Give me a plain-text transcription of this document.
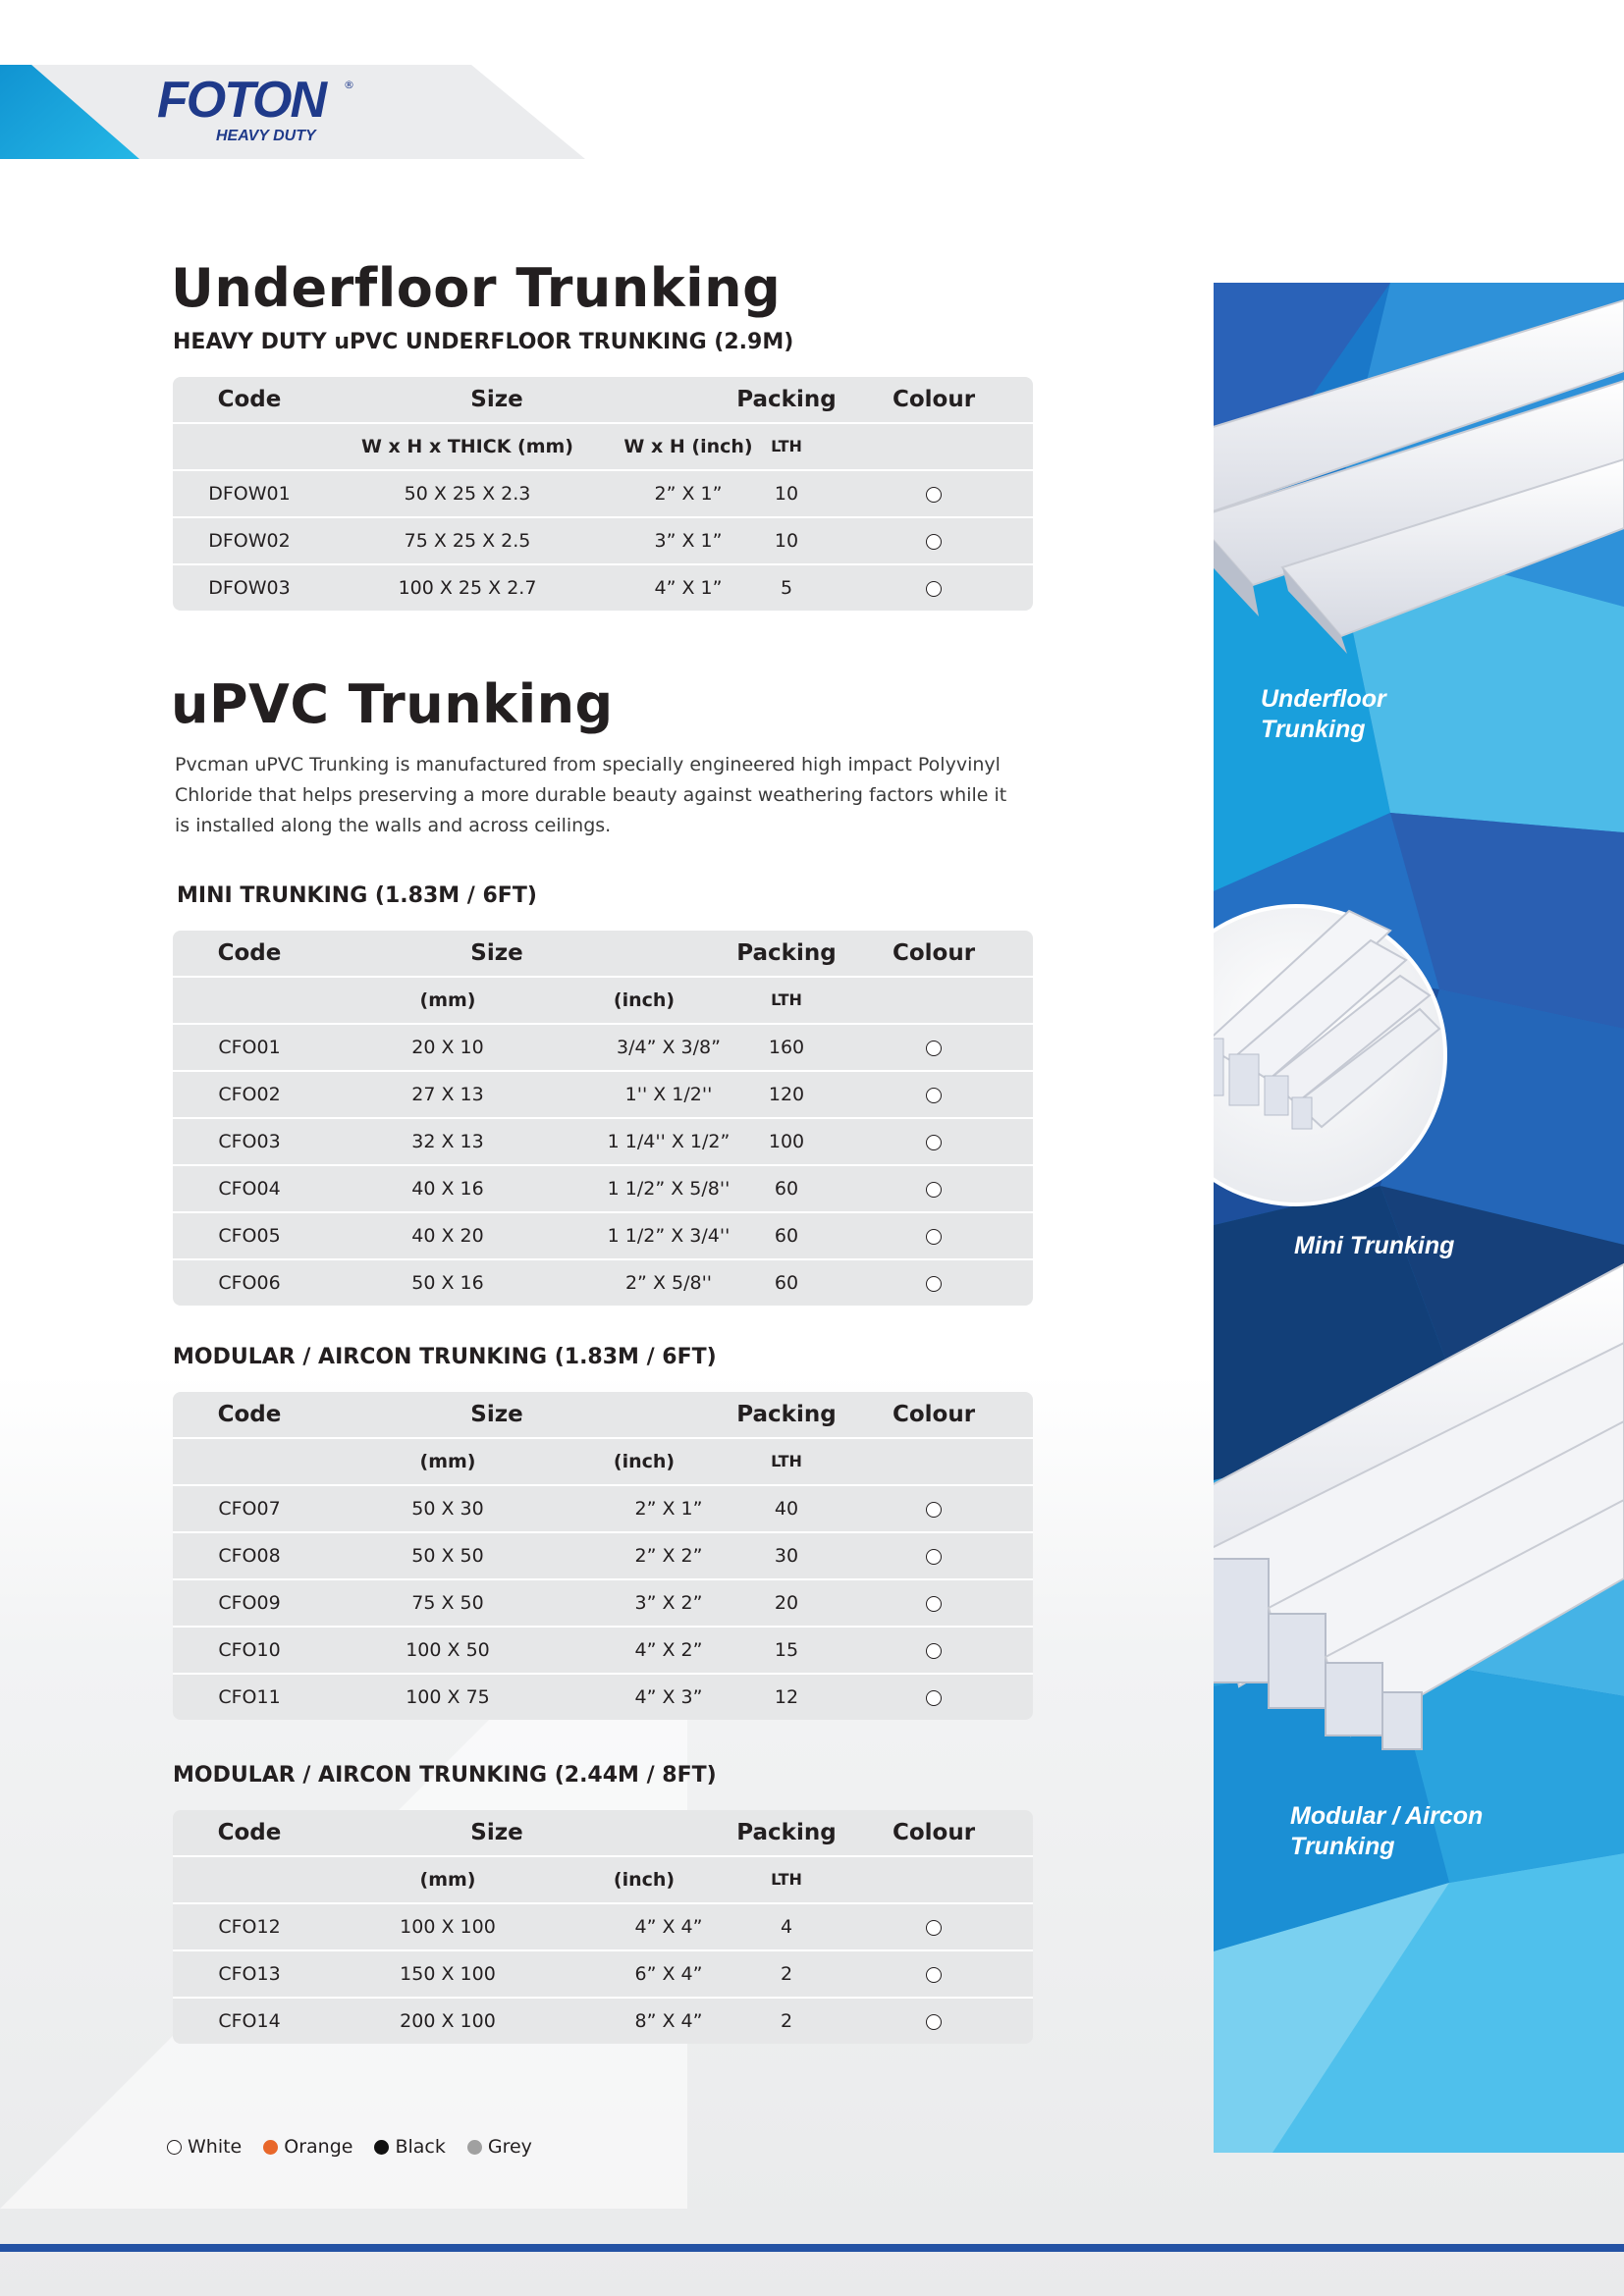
FOTON ®
HEAVY DUTY
Underfloor Trunking
HEAVY DUTY uPVC UNDERFLOOR TRUNKING (2.9M)
Code	Size	Packing	Colour
W x H x THICK (mm)	W x H (inch)	LTH
DFOW01	50 X 25 X 2.3	2” X 1”	10
DFOW02	75 X 25 X 2.5	3” X 1”	10
DFOW03	100 X 25 X 2.7	4” X 1”	5
uPVC Trunking
Pvcman uPVC Trunking is manufactured from specially engineered high impact Polyvinyl Chloride that helps preserving a more durable beauty against weathering factors while it is installed along the walls and across ceilings.
MINI TRUNKING (1.83M / 6FT)
Code	Size	Packing	Colour
(mm)	(inch)	LTH
CFO01	20 X 10	3/4” X 3/8”	160
CFO02	27 X 13	1'' X 1/2''	120
CFO03	32 X 13	1 1/4'' X 1/2”	100
CFO04	40 X 16	1 1/2” X 5/8''	60
CFO05	40 X 20	1 1/2” X 3/4''	60
CFO06	50 X 16	2” X 5/8''	60
MODULAR / AIRCON TRUNKING (1.83M / 6FT)
Code	Size	Packing	Colour
(mm)	(inch)	LTH
CFO07	50 X 30	2” X 1”	40
CFO08	50 X 50	2” X 2”	30
CFO09	75 X 50	3” X 2”	20
CFO10	100 X 50	4” X 2”	15
CFO11	100 X 75	4” X 3”	12
MODULAR / AIRCON TRUNKING (2.44M / 8FT)
Code	Size	Packing	Colour
(mm)	(inch)	LTH
CFO12	100 X 100	4” X 4”	4
CFO13	150 X 100	6” X 4”	2
CFO14	200 X 100	8” X 4”	2
White Orange Black Grey
Underfloor
Trunking
Mini Trunking
Modular / Aircon
Trunking
